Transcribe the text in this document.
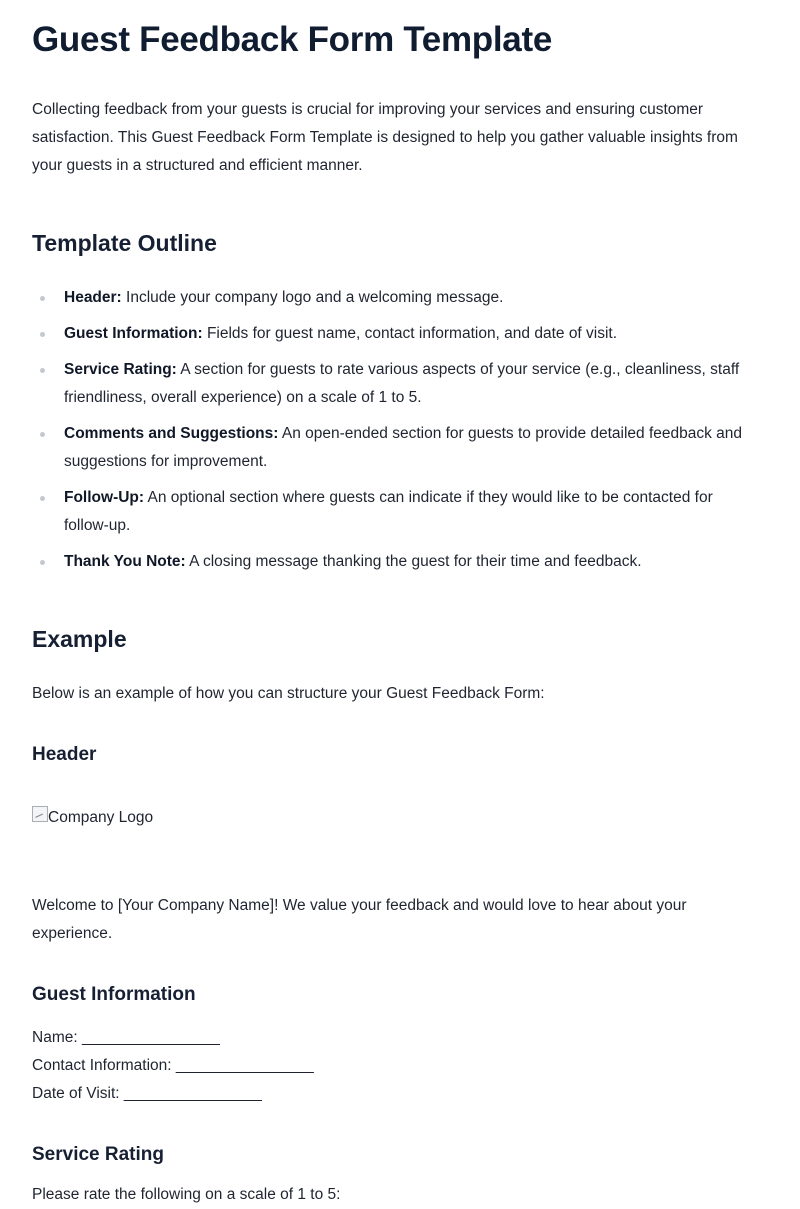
Guest Feedback Form Template

Collecting feedback from your guests is crucial for improving your services and ensuring customer satisfaction. This Guest Feedback Form Template is designed to help you gather valuable insights from your guests in a structured and efficient manner.

Template Outline
Header: Include your company logo and a welcoming message.
Guest Information: Fields for guest name, contact information, and date of visit.
Service Rating: A section for guests to rate various aspects of your service (e.g., cleanliness, staff friendliness, overall experience) on a scale of 1 to 5.
Comments and Suggestions: An open-ended section for guests to provide detailed feedback and suggestions for improvement.
Follow-Up: An optional section where guests can indicate if they would like to be contacted for follow-up.
Thank You Note: A closing message thanking the guest for their time and feedback.
Example

Below is an example of how you can structure your Guest Feedback Form:

Header
Company Logo

Welcome to [Your Company Name]! We value your feedback and would love to hear about your experience.

Guest Information
Name: ________________
Contact Information: ________________
Date of Visit: ________________
Service Rating

Please rate the following on a scale of 1 to 5:
